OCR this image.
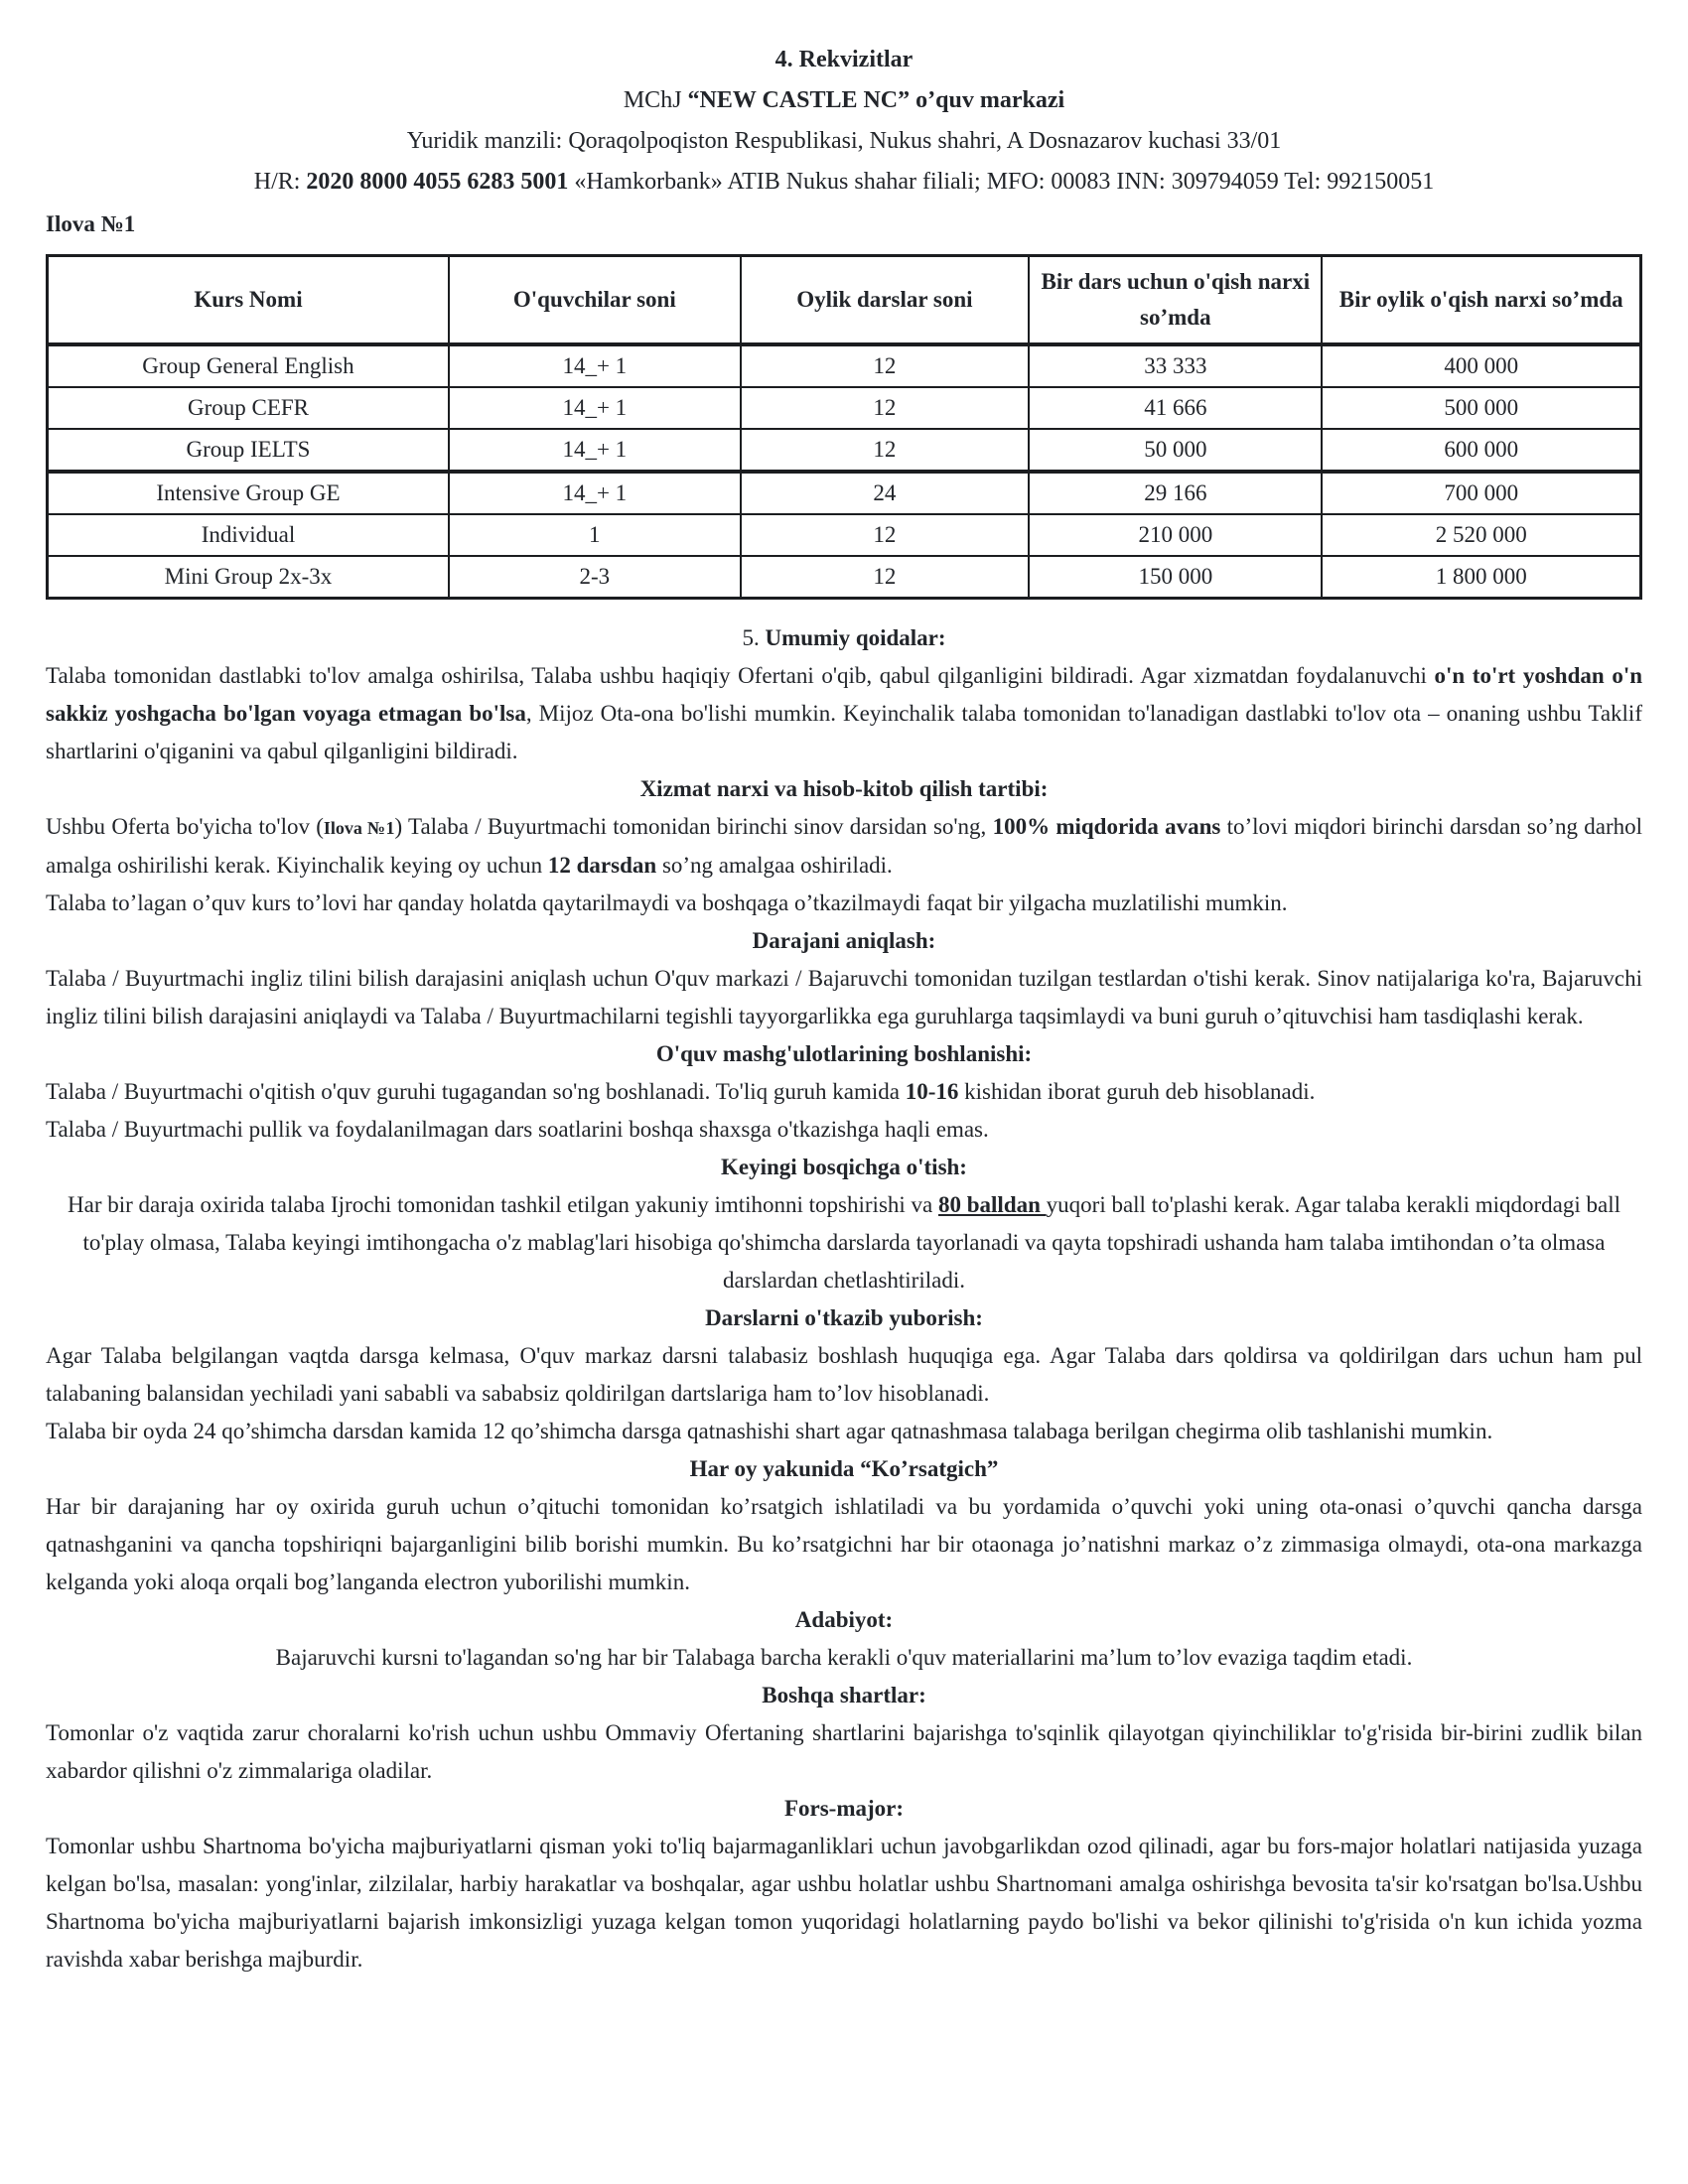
4. Rekvizitlar
MChJ “NEW CASTLE NC” o’quv markazi
Yuridik manzili: Qoraqolpoqiston Respublikasi, Nukus shahri, A Dosnazarov kuchasi 33/01
H/R: 2020 8000 4055 6283 5001 «Hamkorbank» ATIB Nukus shahar filiali; MFO: 00083 INN: 309794059 Tel: 992150051
Ilova №1
Kurs Nomi	O'quvchilar soni	Oylik darslar soni	Bir dars uchun o'qish narxi so’mda	Bir oylik o'qish narxi so’mda
Group General English	14_+ 1	12	33 333	400 000
Group CEFR	14_+ 1	12	41 666	500 000
Group IELTS	14_+ 1	12	50 000	600 000
Intensive Group GE	14_+ 1	24	29 166	700 000
Individual	1	12	210 000	2 520 000
Mini Group 2x-3x	2-3	12	150 000	1 800 000
5. Umumiy qoidalar:
Talaba tomonidan dastlabki to'lov amalga oshirilsa, Talaba ushbu haqiqiy Ofertani o'qib, qabul qilganligini bildiradi. Agar xizmatdan foydalanuvchi o'n to'rt yoshdan o'n sakkiz yoshgacha bo'lgan voyaga etmagan bo'lsa, Mijoz Ota-ona bo'lishi mumkin. Keyinchalik talaba tomonidan to'lanadigan dastlabki to'lov ota – onaning ushbu Taklif shartlarini o'qiganini va qabul qilganligini bildiradi.
Xizmat narxi va hisob-kitob qilish tartibi:
Ushbu Oferta bo'yicha to'lov (Ilova №1) Talaba / Buyurtmachi tomonidan birinchi sinov darsidan so'ng, 100% miqdorida avans to’lovi miqdori birinchi darsdan so’ng darhol amalga oshirilishi kerak. Kiyinchalik keying oy uchun 12 darsdan so’ng amalgaa oshiriladi.
Talaba to’lagan o’quv kurs to’lovi har qanday holatda qaytarilmaydi va boshqaga o’tkazilmaydi faqat bir yilgacha muzlatilishi mumkin.
Darajani aniqlash:
Talaba / Buyurtmachi ingliz tilini bilish darajasini aniqlash uchun O'quv markazi / Bajaruvchi tomonidan tuzilgan testlardan o'tishi kerak. Sinov natijalariga ko'ra, Bajaruvchi ingliz tilini bilish darajasini aniqlaydi va Talaba / Buyurtmachilarni tegishli tayyorgarlikka ega guruhlarga taqsimlaydi va buni guruh o’qituvchisi ham tasdiqlashi kerak.
O'quv mashg'ulotlarining boshlanishi:
Talaba / Buyurtmachi o'qitish o'quv guruhi tugagandan so'ng boshlanadi. To'liq guruh kamida 10-16 kishidan iborat guruh deb hisoblanadi.
Talaba / Buyurtmachi pullik va foydalanilmagan dars soatlarini boshqa shaxsga o'tkazishga haqli emas.
Keyingi bosqichga o'tish:
Har bir daraja oxirida talaba Ijrochi tomonidan tashkil etilgan yakuniy imtihonni topshirishi va 80 balldan yuqori ball to'plashi kerak. Agar talaba kerakli miqdordagi ball to'play olmasa, Talaba keyingi imtihongacha o'z mablag'lari hisobiga qo'shimcha darslarda tayorlanadi va qayta topshiradi ushanda ham talaba imtihondan o’ta olmasa darslardan chetlashtiriladi.
Darslarni o'tkazib yuborish:
Agar Talaba belgilangan vaqtda darsga kelmasa, O'quv markaz darsni talabasiz boshlash huquqiga ega. Agar Talaba dars qoldirsa va qoldirilgan dars uchun ham pul talabaning balansidan yechiladi yani sababli va sababsiz qoldirilgan dartslariga ham to’lov hisoblanadi.
Talaba bir oyda 24 qo’shimcha darsdan kamida 12 qo’shimcha darsga qatnashishi shart agar qatnashmasa talabaga berilgan chegirma olib tashlanishi mumkin.
Har oy yakunida “Ko’rsatgich”
Har bir darajaning har oy oxirida guruh uchun o’qituchi tomonidan ko’rsatgich ishlatiladi va bu yordamida o’quvchi yoki uning ota-onasi o’quvchi qancha darsga qatnashganini va qancha topshiriqni bajarganligini bilib borishi mumkin. Bu ko’rsatgichni har bir otaonaga jo’natishni markaz o’z zimmasiga olmaydi, ota-ona markazga kelganda yoki aloqa orqali bog’langanda electron yuborilishi mumkin.
Adabiyot:
Bajaruvchi kursni to'lagandan so'ng har bir Talabaga barcha kerakli o'quv materiallarini ma’lum to’lov evaziga taqdim etadi.
Boshqa shartlar:
Tomonlar o'z vaqtida zarur choralarni ko'rish uchun ushbu Ommaviy Ofertaning shartlarini bajarishga to'sqinlik qilayotgan qiyinchiliklar to'g'risida bir-birini zudlik bilan xabardor qilishni o'z zimmalariga oladilar.
Fors-major:
Tomonlar ushbu Shartnoma bo'yicha majburiyatlarni qisman yoki to'liq bajarmaganliklari uchun javobgarlikdan ozod qilinadi, agar bu fors-major holatlari natijasida yuzaga kelgan bo'lsa, masalan: yong'inlar, zilzilalar, harbiy harakatlar va boshqalar, agar ushbu holatlar ushbu Shartnomani amalga oshirishga bevosita ta'sir ko'rsatgan bo'lsa.Ushbu Shartnoma bo'yicha majburiyatlarni bajarish imkonsizligi yuzaga kelgan tomon yuqoridagi holatlarning paydo bo'lishi va bekor qilinishi to'g'risida o'n kun ichida yozma ravishda xabar berishga majburdir.
